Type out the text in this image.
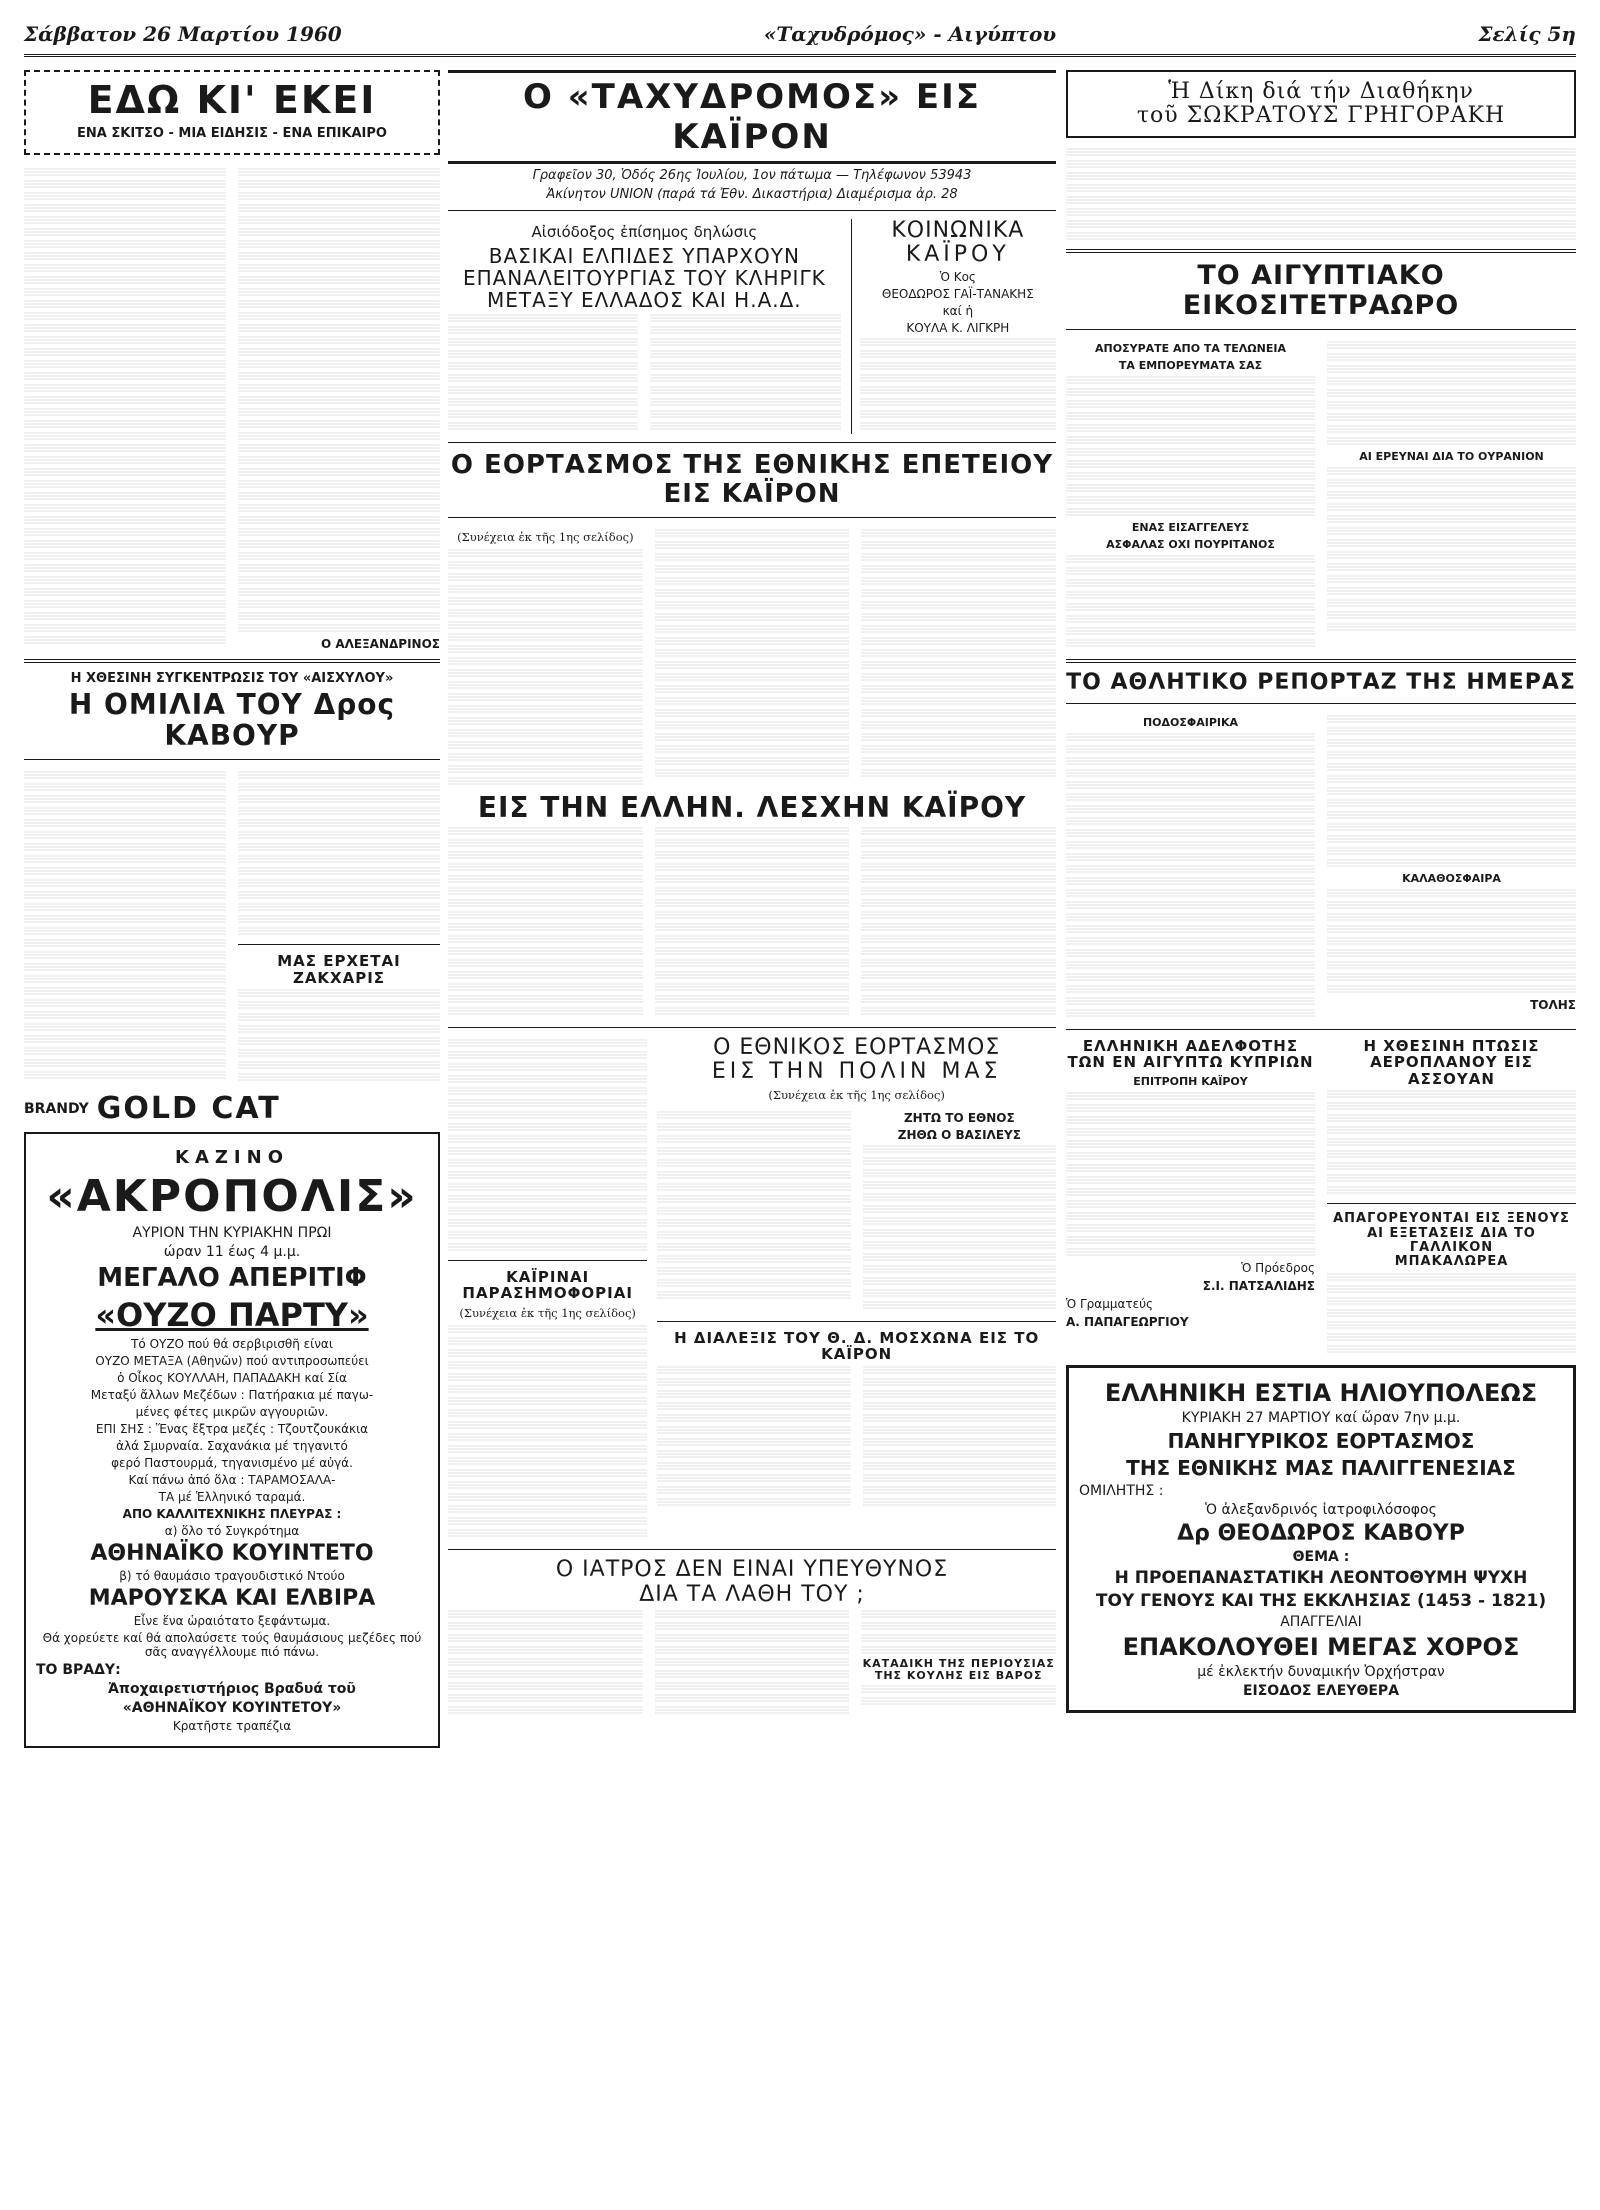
Σάββατον 26 Μαρτίου 1960	«Ταχυδρόμος» - Αιγύπτου	Σελίς 5η
ΕΔΩ ΚΙ' ΕΚΕΙ
ΕΝΑ ΣΚΙΤΣΟ - ΜΙΑ ΕΙΔΗΣΙΣ - ΕΝΑ ΕΠΙΚΑΙΡΟ
Ο ΑΛΕΞΑΝΔΡΙΝΟΣ
Η ΧΘΕΣΙΝΗ ΣΥΓΚΕΝΤΡΩΣΙΣ ΤΟΥ «ΑΙΣΧΥΛΟΥ»
Η ΟΜΙΛΙΑ ΤΟΥ Δρος ΚΑΒΟΥΡ
ΜΑΣ ΕΡΧΕΤΑΙ ΖΑΚΧΑΡΙΣ
BRANDY GOLD CAT
ΚΑΖΙΝΟ
«ΑΚΡΟΠΟΛΙΣ»
ΑΥΡΙΟΝ ΤΗΝ ΚΥΡΙΑΚΗΝ ΠΡΩΙ
ώραν 11 έως 4 μ.μ.
ΜΕΓΑΛΟ ΑΠΕΡΙΤΙΦ
«ΟΥΖΟ ΠΑΡΤΥ»
Τό ΟΥΖΟ πού θά σερβιρισθῆ είναι
ΟΥΖΟ ΜΕΤΑΞΑ (Αθηνῶν) πού αντιπροσωπεύει
ὁ Οἶκος ΚΟΥΛΛΑΗ, ΠΑΠΑΔΑΚΗ καί Σία
Μεταξύ ἄλλων Μεζέδων : Πατήρακια μέ παγω-
μένες φέτες μικρῶν αγγουριῶν.
ΕΠΙ ΣΗΣ : Ἕνας ἔξτρα μεζές : Τζουτζουκάκια
ἀλά Σμυρναία. Σαχανάκια μέ τηγανιτό
φερό Παστουρμά, τηγανισμένο μέ αὐγά.
Καί πάνω ἀπό ὅλα : ΤΑΡΑΜΟΣΑΛΑ-
ΤΑ μέ Ἑλληνικό ταραμά.
ΑΠΟ ΚΑΛΛΙΤΕΧΝΙΚΗΣ ΠΛΕΥΡΑΣ :
α) ὅλο τό Συγκρότημα
ΑΘΗΝΑΪΚΟ ΚΟΥΙΝΤΕΤΟ
β) τό θαυμάσιο τραγουδιστικό Ντούο
ΜΑΡΟΥΣΚΑ ΚΑΙ ΕΛΒΙΡΑ
Εἶνε ἕνα ὡραιότατο ξεφάντωμα.
Θά χορεύετε καί θά απολαύσετε τούς θαυμάσιους μεζέδες πού σᾶς αναγγέλλουμε πιό πάνω.
ΤΟ ΒΡΑΔΥ:
Ἀποχαιρετιστήριος Βραδυά τοῦ
«ΑΘΗΝΑΪΚΟΥ ΚΟΥΙΝΤΕΤΟΥ»
Κρατῆστε τραπέζια
Ο «ΤΑΧΥΔΡΟΜΟΣ» ΕΙΣ ΚΑΪΡΟΝ
Γραφεῖον 30, Ὁδός 26ης Ἰουλίου, 1ον πάτωμα — Τηλέφωνον 53943
Ἀκίνητον UNION (παρά τά Ἐθν. Δικαστήρια) Διαμέρισμα ἀρ. 28
Αἰσιόδοξος ἐπίσημος δηλώσις
ΒΑΣΙΚΑΙ ΕΛΠΙΔΕΣ ΥΠΑΡΧΟΥΝ
ΕΠΑΝΑΛΕΙΤΟΥΡΓΙΑΣ ΤΟΥ ΚΛΗΡΙΓΚ
ΜΕΤΑΞΥ ΕΛΛΑΔΟΣ ΚΑΙ Η.Α.Δ.
ΚΟΙΝΩΝΙΚΑ
ΚΑΪΡΟΥ
Ὁ Κος
ΘΕΟΔΩΡΟΣ ΓΑΪ-ΤΑΝΑΚΗΣ
καί ἡ
ΚΟΥΛΑ Κ. ΛΙΓΚΡΗ
Ο ΕΟΡΤΑΣΜΟΣ ΤΗΣ ΕΘΝΙΚΗΣ ΕΠΕΤΕΙΟΥ ΕΙΣ ΚΑΪΡΟΝ
(Συνέχεια ἐκ τῆς 1ης σελίδος)
ΕΙΣ ΤΗΝ ΕΛΛΗΝ. ΛΕΣΧΗΝ ΚΑΪΡΟΥ
ΚΑΪΡΙΝΑΙ ΠΑΡΑΣΗΜΟΦΟΡΙΑΙ
(Συνέχεια ἐκ τῆς 1ης σελίδος)
Ο ΕΘΝΙΚΟΣ ΕΟΡΤΑΣΜΟΣ
ΕΙΣ ΤΗΝ ΠΟΛΙΝ ΜΑΣ
(Συνέχεια ἐκ τῆς 1ης σελίδος)
ΖΗΤΩ ΤΟ ΕΘΝΟΣ
ΖΗΘΩ Ο ΒΑΣΙΛΕΥΣ
Η ΔΙΑΛΕΞΙΣ ΤΟΥ Θ. Δ. ΜΟΣΧΩΝΑ ΕΙΣ ΤΟ ΚΑΪΡΟΝ
Ο ΙΑΤΡΟΣ ΔΕΝ ΕΙΝΑΙ ΥΠΕΥΘΥΝΟΣ
ΔΙΑ ΤΑ ΛΑΘΗ ΤΟΥ ;
ΚΑΤΑΔΙΚΗ ΤΗΣ ΠΕΡΙΟΥΣΙΑΣ ΤΗΣ ΚΟΥΛΗΣ ΕΙΣ ΒΑΡΟΣ
Ἡ Δίκη διά τήν Διαθήκην
τοῦ ΣΩΚΡΑΤΟΥΣ ΓΡΗΓΟΡΑΚΗ
ΤΟ ΑΙΓΥΠΤΙΑΚΟ ΕΙΚΟΣΙΤΕΤΡΑΩΡΟ
ΑΠΟΣΥΡΑΤΕ ΑΠΟ ΤΑ ΤΕΛΩΝΕΙΑ
ΤΑ ΕΜΠΟΡΕΥΜΑΤΑ ΣΑΣ
ΕΝΑΣ ΕΙΣΑΓΓΕΛΕΥΣ
ΑΣΦΑΛΑΣ ΟΧΙ ΠΟΥΡΙΤΑΝΟΣ
ΑΙ ΕΡΕΥΝΑΙ ΔΙΑ ΤΟ ΟΥΡΑΝΙΟΝ
ΤΟ ΑΘΛΗΤΙΚΟ ΡΕΠΟΡΤΑΖ ΤΗΣ ΗΜΕΡΑΣ
ΠΟΔΟΣΦΑΙΡΙΚΑ
ΚΑΛΑΘΟΣΦΑΙΡΑ
ΤΟΛΗΣ
ΕΛΛΗΝΙΚΗ ΑΔΕΛΦΟΤΗΣ
ΤΩΝ ΕΝ ΑΙΓΥΠΤΩ ΚΥΠΡΙΩΝ
ΕΠΙΤΡΟΠΗ ΚΑΪΡΟΥ
Ὁ Πρόεδρος
Σ.Ι. ΠΑΤΣΑΛΙΔΗΣ
Ὁ Γραμματεύς
Α. ΠΑΠΑΓΕΩΡΓΙΟΥ
Η ΧΘΕΣΙΝΗ ΠΤΩΣΙΣ
ΑΕΡΟΠΛΑΝΟΥ ΕΙΣ ΑΣΣΟΥΑΝ
ΑΠΑΓΟΡΕΥΟΝΤΑΙ ΕΙΣ ΞΕΝΟΥΣ
ΑΙ ΕΞΕΤΑΣΕΙΣ ΔΙΑ ΤΟ ΓΑΛΛΙΚΟΝ
ΜΠΑΚΑΛΩΡΕΑ
ΕΛΛΗΝΙΚΗ ΕΣΤΙΑ ΗΛΙΟΥΠΟΛΕΩΣ
ΚΥΡΙΑΚΗ 27 ΜΑΡΤΙΟΥ καί ὥραν 7ην μ.μ.
ΠΑΝΗΓΥΡΙΚΟΣ ΕΟΡΤΑΣΜΟΣ
ΤΗΣ ΕΘΝΙΚΗΣ ΜΑΣ ΠΑΛΙΓΓΕΝΕΣΙΑΣ
ΟΜΙΛΗΤΗΣ :
Ὁ ἀλεξανδρινός ἰατροφιλόσοφος
Δρ ΘΕΟΔΩΡΟΣ ΚΑΒΟΥΡ
ΘΕΜΑ :
Η ΠΡΟΕΠΑΝΑΣΤΑΤΙΚΗ ΛΕΟΝΤΟΘΥΜΗ ΨΥΧΗ
ΤΟΥ ΓΕΝΟΥΣ ΚΑΙ ΤΗΣ ΕΚΚΛΗΣΙΑΣ (1453 - 1821)
ΑΠΑΓΓΕΛΙΑΙ
ΕΠΑΚΟΛΟΥΘΕΙ ΜΕΓΑΣ ΧΟΡΟΣ
μέ ἐκλεκτήν δυναμικήν Ὀρχήστραν
ΕΙΣΟΔΟΣ ΕΛΕΥΘΕΡΑ
